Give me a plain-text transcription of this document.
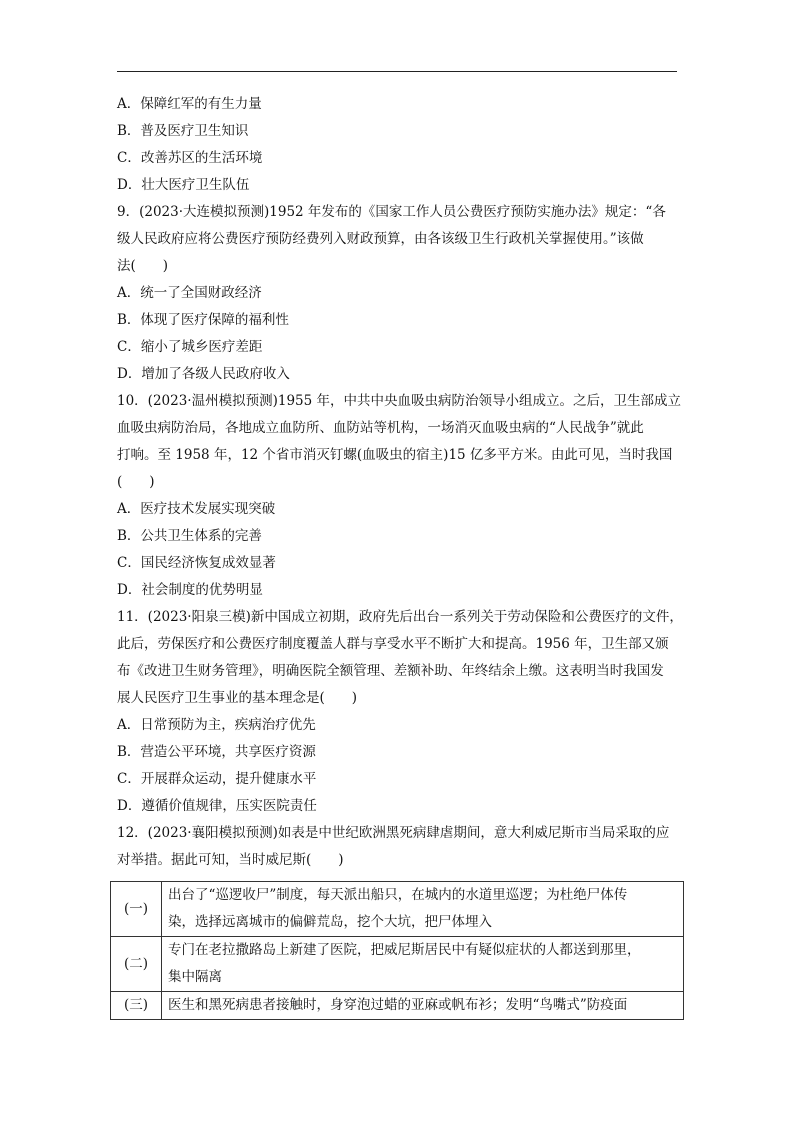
A．保障红军的有生力量
B．普及医疗卫生知识
C．改善苏区的生活环境
D．壮大医疗卫生队伍
9．(2023·大连模拟预测)1952 年发布的《国家工作人员公费医疗预防实施办法》规定：“各
级人民政府应将公费医疗预防经费列入财政预算，由各该级卫生行政机关掌握使用。”该做
法(　　)
A．统一了全国财政经济
B．体现了医疗保障的福利性
C．缩小了城乡医疗差距
D．增加了各级人民政府收入
10．(2023·温州模拟预测)1955 年，中共中央血吸虫病防治领导小组成立。之后，卫生部成立
血吸虫病防治局，各地成立血防所、血防站等机构，一场消灭血吸虫病的“人民战争”就此
打响。至 1958 年，12 个省市消灭钉螺(血吸虫的宿主)15 亿多平方米。由此可见，当时我国
(　　)
A．医疗技术发展实现突破
B．公共卫生体系的完善
C．国民经济恢复成效显著
D．社会制度的优势明显
11．(2023·阳泉三模)新中国成立初期，政府先后出台一系列关于劳动保险和公费医疗的文件，
此后，劳保医疗和公费医疗制度覆盖人群与享受水平不断扩大和提高。1956 年，卫生部又颁
布《改进卫生财务管理》，明确医院全额管理、差额补助、年终结余上缴。这表明当时我国发
展人民医疗卫生事业的基本理念是(　　)
A．日常预防为主，疾病治疗优先
B．营造公平环境，共享医疗资源
C．开展群众运动，提升健康水平
D．遵循价值规律，压实医院责任
12．(2023·襄阳模拟预测)如表是中世纪欧洲黑死病肆虐期间，意大利威尼斯市当局采取的应
对举措。据此可知，当时威尼斯(　　)
(一)	出台了“巡逻收尸”制度，每天派出船只，在城内的水道里巡逻；为杜绝尸体传
染，选择远离城市的偏僻荒岛，挖个大坑，把尸体埋入

(二)	专门在老拉撒路岛上新建了医院，把威尼斯居民中有疑似症状的人都送到那里，
集中隔离

(三)	医生和黑死病患者接触时，身穿泡过蜡的亚麻或帆布衫；发明“鸟嘴式”防疫面
